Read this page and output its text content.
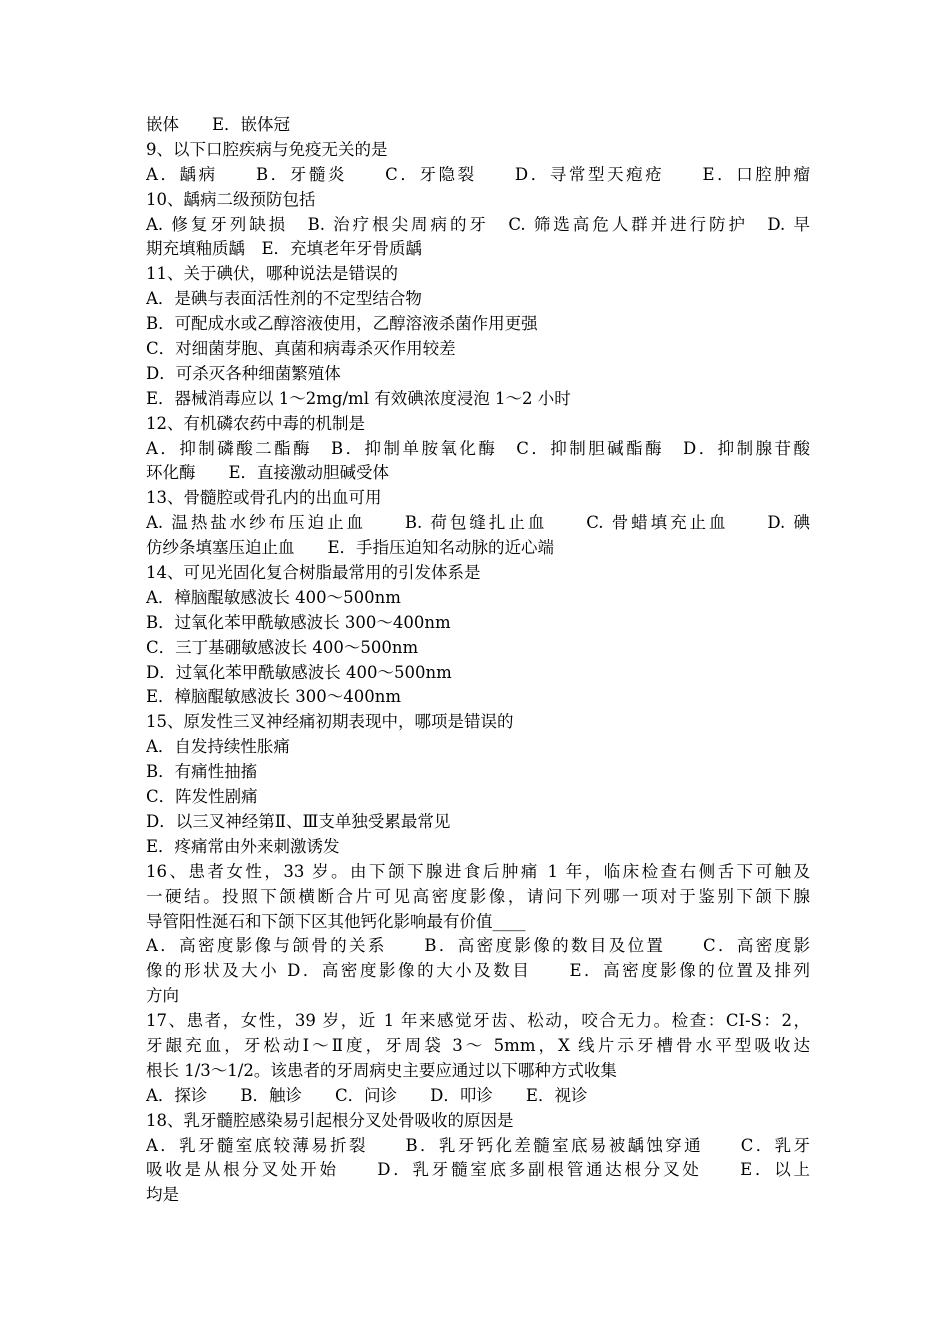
嵌体　　E．嵌体冠
9、以下口腔疾病与免疫无关的是
A．龋病　　B．牙髓炎　　C．牙隐裂　　D．寻常型天疱疮　　E．口腔肿瘤
10、龋病二级预防包括
A. 修复牙列缺损　B. 治疗根尖周病的牙　C. 筛选高危人群并进行防护　D. 早
期充填釉质龋　E．充填老年牙骨质龋
11、关于碘伏，哪种说法是错误的
A．是碘与表面活性剂的不定型结合物
B．可配成水或乙醇溶液使用，乙醇溶液杀菌作用更强
C．对细菌芽胞、真菌和病毒杀灭作用较差
D．可杀灭各种细菌繁殖体
E．器械消毒应以 1～2mg/ml 有效碘浓度浸泡 1～2 小时
12、有机磷农药中毒的机制是
A．抑制磷酸二酯酶　B．抑制单胺氧化酶　C．抑制胆碱酯酶　D．抑制腺苷酸
环化酶　　E．直接激动胆碱受体
13、骨髓腔或骨孔内的出血可用
A. 温热盐水纱布压迫止血　　B. 荷包缝扎止血　　C. 骨蜡填充止血　　D. 碘
仿纱条填塞压迫止血　　E．手指压迫知名动脉的近心端
14、可见光固化复合树脂最常用的引发体系是
A．樟脑醌敏感波长 400～500nm
B．过氧化苯甲酰敏感波长 300～400nm
C．三丁基硼敏感波长 400～500nm
D．过氧化苯甲酰敏感波长 400～500nm
E．樟脑醌敏感波长 300～400nm
15、原发性三叉神经痛初期表现中，哪项是错误的
A．自发持续性胀痛
B．有痛性抽搐
C．阵发性剧痛
D．以三叉神经第Ⅱ、Ⅲ支单独受累最常见
E．疼痛常由外来刺激诱发
16、患者女性，33 岁。由下颌下腺进食后肿痛 1 年，临床检查右侧舌下可触及
一硬结。投照下颌横断合片可见高密度影像，请问下列哪一项对于鉴别下颌下腺
导管阳性涎石和下颌下区其他钙化影响最有价值____
A．高密度影像与颌骨的关系　　B．高密度影像的数目及位置　　C．高密度影
像的形状及大小 D．高密度影像的大小及数目　　E．高密度影像的位置及排列
方向
17、患者，女性，39 岁，近 1 年来感觉牙齿、松动，咬合无力。检查：CI-S：2，
牙龈充血，牙松动Ⅰ～Ⅱ度，牙周袋 3～ 5mm，X 线片示牙槽骨水平型吸收达
根长 1/3～1/2。该患者的牙周病史主要应通过以下哪种方式收集
A．探诊　　B．触诊　　C．问诊　　D．叩诊　　E．视诊
18、乳牙髓腔感染易引起根分叉处骨吸收的原因是
A．乳牙髓室底较薄易折裂　　B．乳牙钙化差髓室底易被龋蚀穿通　　C．乳牙
吸收是从根分叉处开始　　D．乳牙髓室底多副根管通达根分叉处　　E．以上
均是
